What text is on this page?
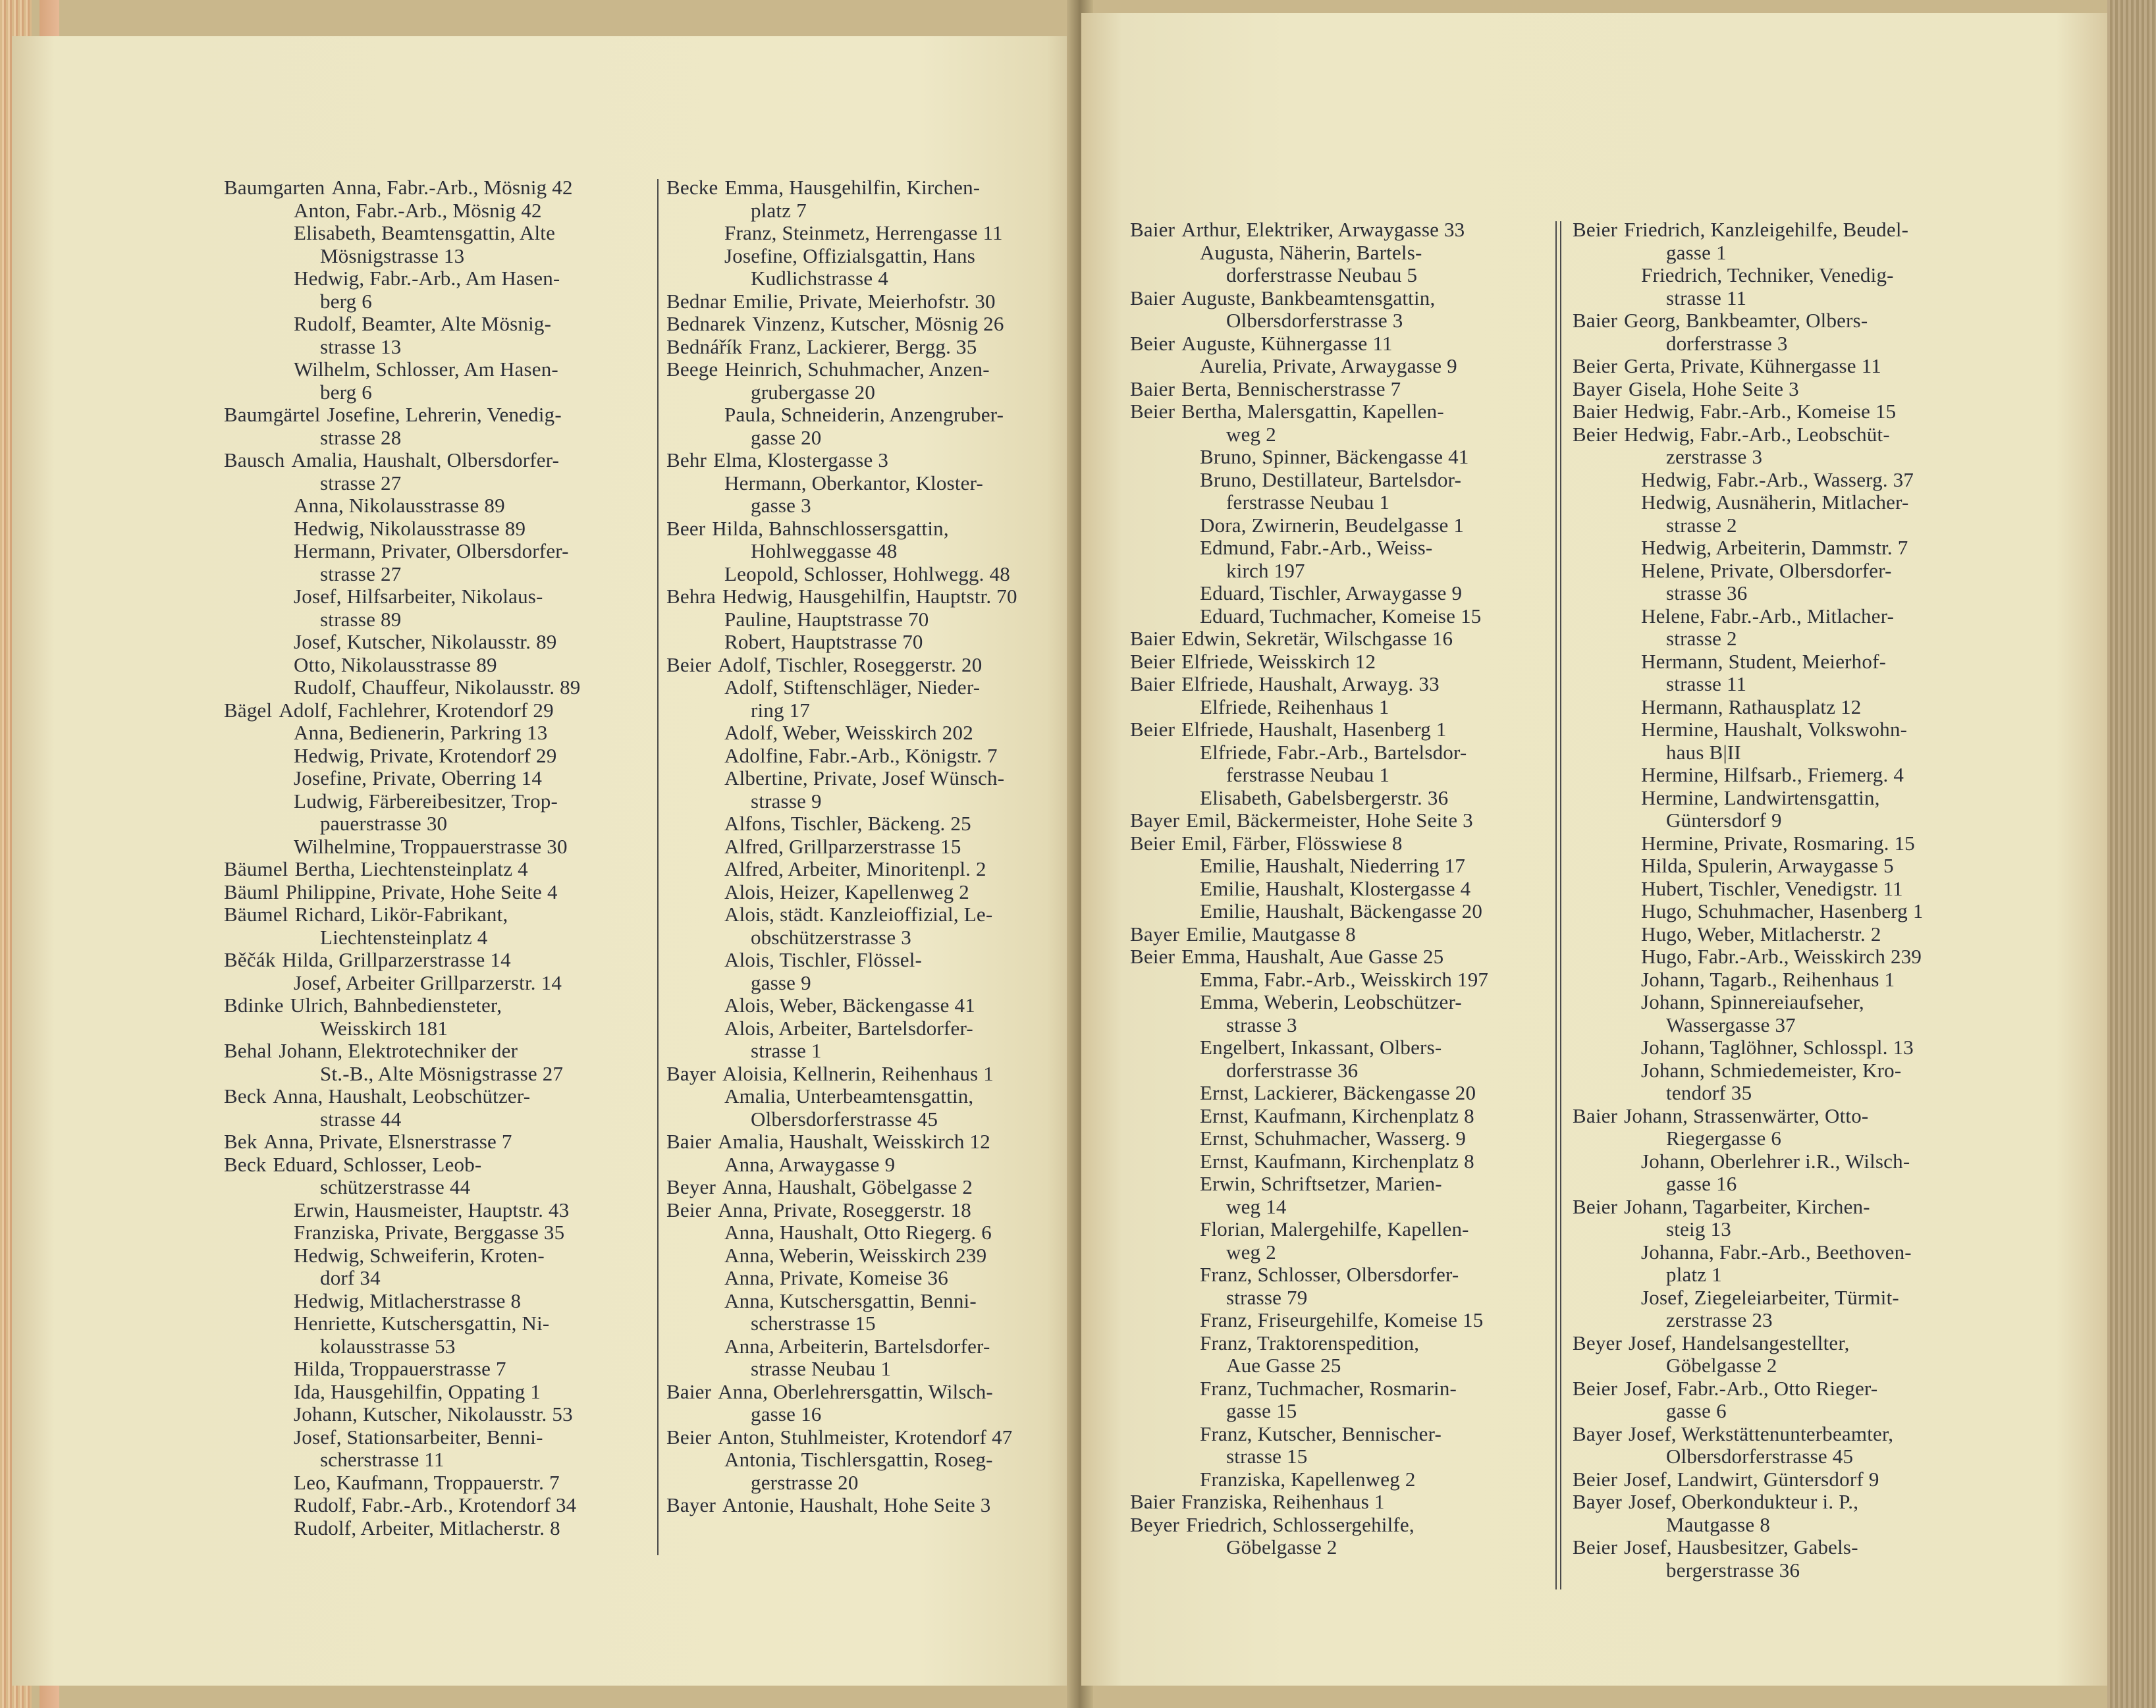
Baumgarten Anna, Fabr.-Arb., Mösnig 42
Anton, Fabr.-Arb., Mösnig 42
Elisabeth, Beamtensgattin, Alte
Mösnigstrasse 13
Hedwig, Fabr.-Arb., Am Hasen-
berg 6
Rudolf, Beamter, Alte Mösnig-
strasse 13
Wilhelm, Schlosser, Am Hasen-
berg 6
Baumgärtel Josefine, Lehrerin, Venedig-
strasse 28
Bausch Amalia, Haushalt, Olbersdorfer-
strasse 27
Anna, Nikolausstrasse 89
Hedwig, Nikolausstrasse 89
Hermann, Privater, Olbersdorfer-
strasse 27
Josef, Hilfsarbeiter, Nikolaus-
strasse 89
Josef, Kutscher, Nikolausstr. 89
Otto, Nikolausstrasse 89
Rudolf, Chauffeur, Nikolausstr. 89
Bägel Adolf, Fachlehrer, Krotendorf 29
Anna, Bedienerin, Parkring 13
Hedwig, Private, Krotendorf 29
Josefine, Private, Oberring 14
Ludwig, Färbereibesitzer, Trop-
pauerstrasse 30
Wilhelmine, Troppauerstrasse 30
Bäumel Bertha, Liechtensteinplatz 4
Bäuml Philippine, Private, Hohe Seite 4
Bäumel Richard, Likör-Fabrikant,
Liechtensteinplatz 4
Běčák Hilda, Grillparzerstrasse 14
Josef, Arbeiter Grillparzerstr. 14
Bdinke Ulrich, Bahnbediensteter,
Weisskirch 181
Behal Johann, Elektrotechniker der
St.-B., Alte Mösnigstrasse 27
Beck Anna, Haushalt, Leobschützer-
strasse 44
Bek Anna, Private, Elsnerstrasse 7
Beck Eduard, Schlosser, Leob-
schützerstrasse 44
Erwin, Hausmeister, Hauptstr. 43
Franziska, Private, Berggasse 35
Hedwig, Schweiferin, Kroten-
dorf 34
Hedwig, Mitlacherstrasse 8
Henriette, Kutschersgattin, Ni-
kolausstrasse 53
Hilda, Troppauerstrasse 7
Ida, Hausgehilfin, Oppating 1
Johann, Kutscher, Nikolausstr. 53
Josef, Stationsarbeiter, Benni-
scherstrasse 11
Leo, Kaufmann, Troppauerstr. 7
Rudolf, Fabr.-Arb., Krotendorf 34
Rudolf, Arbeiter, Mitlacherstr. 8
Becke Emma, Hausgehilfin, Kirchen-
platz 7
Franz, Steinmetz, Herrengasse 11
Josefine, Offizialsgattin, Hans
Kudlichstrasse 4
Bednar Emilie, Private, Meierhofstr. 30
Bednarek Vinzenz, Kutscher, Mösnig 26
Bednářík Franz, Lackierer, Bergg. 35
Beege Heinrich, Schuhmacher, Anzen-
grubergasse 20
Paula, Schneiderin, Anzengruber-
gasse 20
Behr Elma, Klostergasse 3
Hermann, Oberkantor, Kloster-
gasse 3
Beer Hilda, Bahnschlossersgattin,
Hohlweggasse 48
Leopold, Schlosser, Hohlwegg. 48
Behra Hedwig, Hausgehilfin, Hauptstr. 70
Pauline, Hauptstrasse 70
Robert, Hauptstrasse 70
Beier Adolf, Tischler, Roseggerstr. 20
Adolf, Stiftenschläger, Nieder-
ring 17
Adolf, Weber, Weisskirch 202
Adolfine, Fabr.-Arb., Königstr. 7
Albertine, Private, Josef Wünsch-
strasse 9
Alfons, Tischler, Bäckeng. 25
Alfred, Grillparzerstrasse 15
Alfred, Arbeiter, Minoritenpl. 2
Alois, Heizer, Kapellenweg 2
Alois, städt. Kanzleioffizial, Le-
obschützerstrasse 3
Alois, Tischler, Flössel-
gasse 9
Alois, Weber, Bäckengasse 41
Alois, Arbeiter, Bartelsdorfer-
strasse 1
Bayer Aloisia, Kellnerin, Reihenhaus 1
Amalia, Unterbeamtensgattin,
Olbersdorferstrasse 45
Baier Amalia, Haushalt, Weisskirch 12
Anna, Arwaygasse 9
Beyer Anna, Haushalt, Göbelgasse 2
Beier Anna, Private, Roseggerstr. 18
Anna, Haushalt, Otto Riegerg. 6
Anna, Weberin, Weisskirch 239
Anna, Private, Komeise 36
Anna, Kutschersgattin, Benni-
scherstrasse 15
Anna, Arbeiterin, Bartelsdorfer-
strasse Neubau 1
Baier Anna, Oberlehrersgattin, Wilsch-
gasse 16
Beier Anton, Stuhlmeister, Krotendorf 47
Antonia, Tischlersgattin, Roseg-
gerstrasse 20
Bayer Antonie, Haushalt, Hohe Seite 3
Baier Arthur, Elektriker, Arwaygasse 33
Augusta, Näherin, Bartels-
dorferstrasse Neubau 5
Baier Auguste, Bankbeamtensgattin,
Olbersdorferstrasse 3
Beier Auguste, Kühnergasse 11
Aurelia, Private, Arwaygasse 9
Baier Berta, Bennischerstrasse 7
Beier Bertha, Malersgattin, Kapellen-
weg 2
Bruno, Spinner, Bäckengasse 41
Bruno, Destillateur, Bartelsdor-
ferstrasse Neubau 1
Dora, Zwirnerin, Beudelgasse 1
Edmund, Fabr.-Arb., Weiss-
kirch 197
Eduard, Tischler, Arwaygasse 9
Eduard, Tuchmacher, Komeise 15
Baier Edwin, Sekretär, Wilschgasse 16
Beier Elfriede, Weisskirch 12
Baier Elfriede, Haushalt, Arwayg. 33
Elfriede, Reihenhaus 1
Beier Elfriede, Haushalt, Hasenberg 1
Elfriede, Fabr.-Arb., Bartelsdor-
ferstrasse Neubau 1
Elisabeth, Gabelsbergerstr. 36
Bayer Emil, Bäckermeister, Hohe Seite 3
Beier Emil, Färber, Flösswiese 8
Emilie, Haushalt, Niederring 17
Emilie, Haushalt, Klostergasse 4
Emilie, Haushalt, Bäckengasse 20
Bayer Emilie, Mautgasse 8
Beier Emma, Haushalt, Aue Gasse 25
Emma, Fabr.-Arb., Weisskirch 197
Emma, Weberin, Leobschützer-
strasse 3
Engelbert, Inkassant, Olbers-
dorferstrasse 36
Ernst, Lackierer, Bäckengasse 20
Ernst, Kaufmann, Kirchenplatz 8
Ernst, Schuhmacher, Wasserg. 9
Ernst, Kaufmann, Kirchenplatz 8
Erwin, Schriftsetzer, Marien-
weg 14
Florian, Malergehilfe, Kapellen-
weg 2
Franz, Schlosser, Olbersdorfer-
strasse 79
Franz, Friseurgehilfe, Komeise 15
Franz, Traktorenspedition,
Aue Gasse 25
Franz, Tuchmacher, Rosmarin-
gasse 15
Franz, Kutscher, Bennischer-
strasse 15
Franziska, Kapellenweg 2
Baier Franziska, Reihenhaus 1
Beyer Friedrich, Schlossergehilfe,
Göbelgasse 2
Beier Friedrich, Kanzleigehilfe, Beudel-
gasse 1
Friedrich, Techniker, Venedig-
strasse 11
Baier Georg, Bankbeamter, Olbers-
dorferstrasse 3
Beier Gerta, Private, Kühnergasse 11
Bayer Gisela, Hohe Seite 3
Baier Hedwig, Fabr.-Arb., Komeise 15
Beier Hedwig, Fabr.-Arb., Leobschüt-
zerstrasse 3
Hedwig, Fabr.-Arb., Wasserg. 37
Hedwig, Ausnäherin, Mitlacher-
strasse 2
Hedwig, Arbeiterin, Dammstr. 7
Helene, Private, Olbersdorfer-
strasse 36
Helene, Fabr.-Arb., Mitlacher-
strasse 2
Hermann, Student, Meierhof-
strasse 11
Hermann, Rathausplatz 12
Hermine, Haushalt, Volkswohn-
haus B|II
Hermine, Hilfsarb., Friemerg. 4
Hermine, Landwirtensgattin,
Güntersdorf 9
Hermine, Private, Rosmaring. 15
Hilda, Spulerin, Arwaygasse 5
Hubert, Tischler, Venedigstr. 11
Hugo, Schuhmacher, Hasenberg 1
Hugo, Weber, Mitlacherstr. 2
Hugo, Fabr.-Arb., Weisskirch 239
Johann, Tagarb., Reihenhaus 1
Johann, Spinnereiaufseher,
Wassergasse 37
Johann, Taglöhner, Schlosspl. 13
Johann, Schmiedemeister, Kro-
tendorf 35
Baier Johann, Strassenwärter, Otto-
Riegergasse 6
Johann, Oberlehrer i.R., Wilsch-
gasse 16
Beier Johann, Tagarbeiter, Kirchen-
steig 13
Johanna, Fabr.-Arb., Beethoven-
platz 1
Josef, Ziegeleiarbeiter, Türmit-
zerstrasse 23
Beyer Josef, Handelsangestellter,
Göbelgasse 2
Beier Josef, Fabr.-Arb., Otto Rieger-
gasse 6
Bayer Josef, Werkstättenunterbeamter,
Olbersdorferstrasse 45
Beier Josef, Landwirt, Güntersdorf 9
Bayer Josef, Oberkondukteur i. P.,
Mautgasse 8
Beier Josef, Hausbesitzer, Gabels-
bergerstrasse 36
